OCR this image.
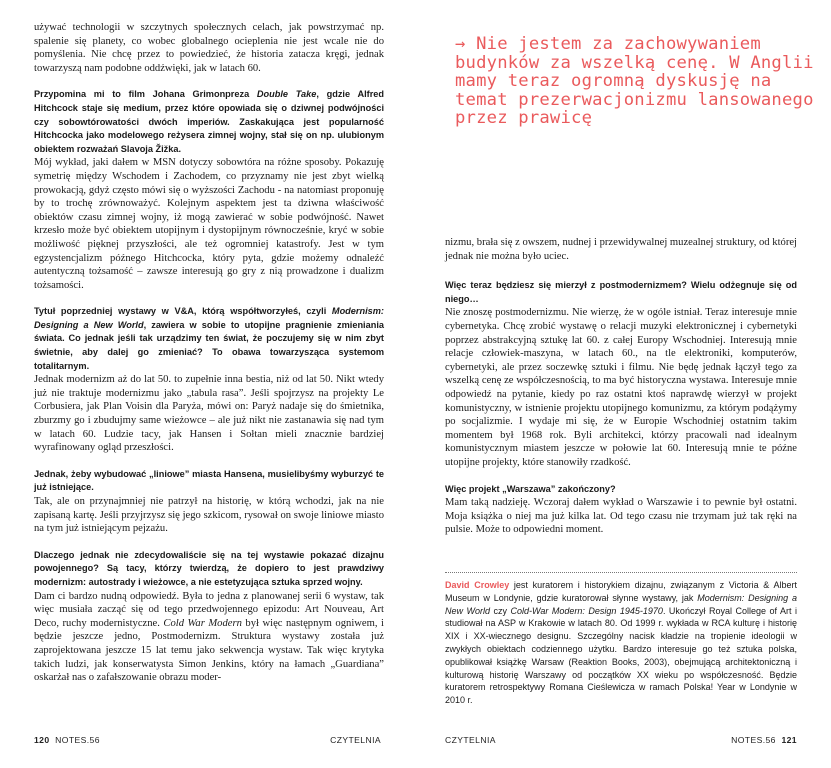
używać technologii w szczytnych społecznych celach, jak powstrzymać np. spalenie się planety, co wobec globalnego ocieplenia nie jest wcale nie do pomyślenia. Nie chcę przez to powiedzieć, że historia zatacza kręgi, jednak towarzyszą nam podobne oddźwięki, jak w latach 60.

Przypomina mi to film Johana Grimonpreza Double Take, gdzie Alfred Hitchcock staje się medium, przez które opowiada się o dziwnej podwójności czy sobowtórowatości dwóch imperiów. Zaskakująca jest popularność Hitchcocka jako modelowego reżysera zimnej wojny, stał się on np. ulubionym obiektem rozważań Slavoja Žižka.

Mój wykład, jaki dałem w MSN dotyczy sobowtóra na różne sposoby. Pokazuję symetrię między Wschodem i Zachodem, co przyznamy nie jest zbyt wielką prowokacją, gdyż często mówi się o wyższości Zachodu - na natomiast proponuję by to trochę zrównoważyć. Kolejnym aspektem jest ta dziwna właściwość obiektów czasu zimnej wojny, iż mogą zawierać w sobie podwójność. Nawet krzesło może być obiektem utopijnym i dystopijnym równocześnie, kryć w sobie możliwość pięknej przyszłości, ale też ogromniej katastrofy. Jest w tym egzystencjalizm późnego Hitchcocka, który pyta, gdzie możemy odnaleźć autentyczną tożsamość – zawsze interesują go gry z nią prowadzone i dualizm tożsamości.

Tytuł poprzedniej wystawy w V&A, którą współtworzyłeś, czyli Modernism: Designing a New World, zawiera w sobie to utopijne pragnienie zmieniania świata. Co jednak jeśli tak urządzimy ten świat, że poczujemy się w nim zbyt świetnie, aby dalej go zmieniać? To obawa towarzysząca systemom totalitarnym.

Jednak modernizm aż do lat 50. to zupełnie inna bestia, niż od lat 50. Nikt wtedy już nie traktuje modernizmu jako „tabula rasa”. Jeśli spojrzysz na projekty Le Corbusiera, jak Plan Voisin dla Paryża, mówi on: Paryż nadaje się do śmietnika, zburzmy go i zbudujmy same wieżowce – ale już nikt nie zastanawia się nad tym w latach 60. Ludzie tacy, jak Hansen i Sołtan mieli znacznie bardziej wyrafinowany ogląd przeszłości.

Jednak, żeby wybudować „liniowe” miasta Hansena, musielibyśmy wyburzyć te już istniejące.

Tak, ale on przynajmniej nie patrzył na historię, w którą wchodzi, jak na nie zapisaną kartę. Jeśli przyjrzysz się jego szkicom, rysował on swoje liniowe miasto na tym już istniejącym pejzażu.

Dlaczego jednak nie zdecydowaliście się na tej wystawie pokazać dizajnu powojennego? Są tacy, którzy twierdzą, że dopiero to jest prawdziwy modernizm: autostrady i wieżowce, a nie estetyzująca sztuka sprzed wojny.

Dam ci bardzo nudną odpowiedź. Była to jedna z planowanej serii 6 wystaw, tak więc musiała zacząć się od tego przedwojennego epizodu: Art Nouveau, Art Deco, ruchy modernistyczne. Cold War Modern był więc następnym ogniwem, i będzie jeszcze jedno, Postmodernizm. Struktura wystawy została już zaprojektowana jeszcze 15 lat temu jako sekwencja wystaw. Tak więc krytyka takich ludzi, jak konserwatysta Simon Jenkins, który na łamach „Guardiana” oskarżał nas o zafałszowanie obrazu moder-

120 NOTES.56	CZYTELNIA
→ Nie jestem za zachowywaniem budynków za wszelką cenę. W Anglii mamy teraz ogromną dyskusję na temat prezerwacjonizmu lansowanego przez prawicę

nizmu, brała się z owszem, nudnej i przewidywalnej muzealnej struktury, od której jednak nie można było uciec.

Więc teraz będziesz się mierzył z postmodernizmem? Wielu odżegnuje się od niego…

Nie znoszę postmodernizmu. Nie wierzę, że w ogóle istniał. Teraz interesuje mnie cybernetyka. Chcę zrobić wystawę o relacji muzyki elektronicznej i cybernetyki poprzez abstrakcyjną sztukę lat 60. z całej Europy Wschodniej. Interesują mnie relacje człowiek-maszyna, w latach 60., na tle elektroniki, komputerów, cybernetyki, ale przez soczewkę sztuki i filmu. Nie będę jednak łączył tego za wszelką cenę ze współczesnością, to ma być historyczna wystawa. Interesuje mnie odpowiedź na pytanie, kiedy po raz ostatni ktoś naprawdę wierzył w projekt komunistyczny, w istnienie projektu utopijnego komunizmu, za którym podążymy po socjalizmie. I wydaje mi się, że w Europie Wschodniej ostatnim takim momentem był 1968 rok. Byli architekci, którzy pracowali nad idealnym komunistycznym miastem jeszcze w połowie lat 60. Interesują mnie te późne utopijne projekty, które stanowiły rzadkość.

Więc projekt „Warszawa” zakończony?

Mam taką nadzieję. Wczoraj dałem wykład o Warszawie i to pewnie był ostatni. Moja książka o niej ma już kilka lat. Od tego czasu nie trzymam już tak ręki na pulsie. Może to odpowiedni moment.

David Crowley jest kuratorem i historykiem dizajnu, związanym z Victoria & Albert Museum w Londynie, gdzie kuratorował słynne wystawy, jak Modernism: Designing a New World czy Cold-War Modern: Design 1945-1970. Ukończył Royal College of Art i studiował na ASP w Krakowie w latach 80. Od 1999 r. wykłada w RCA kulturę i historię XIX i XX-wiecznego designu. Szczególny nacisk kładzie na tropienie ideologii w zwykłych obiektach codziennego użytku. Bardzo interesuje go też sztuka polska, opublikował książkę Warsaw (Reaktion Books, 2003), obejmującą architektoniczną i kulturową historię Warszawy od początków XX wieku po współczesność. Będzie kuratorem retrospektywy Romana Cieślewicza w ramach Polska! Year w Londynie w 2010 r.
CZYTELNIA	NOTES.56 121
